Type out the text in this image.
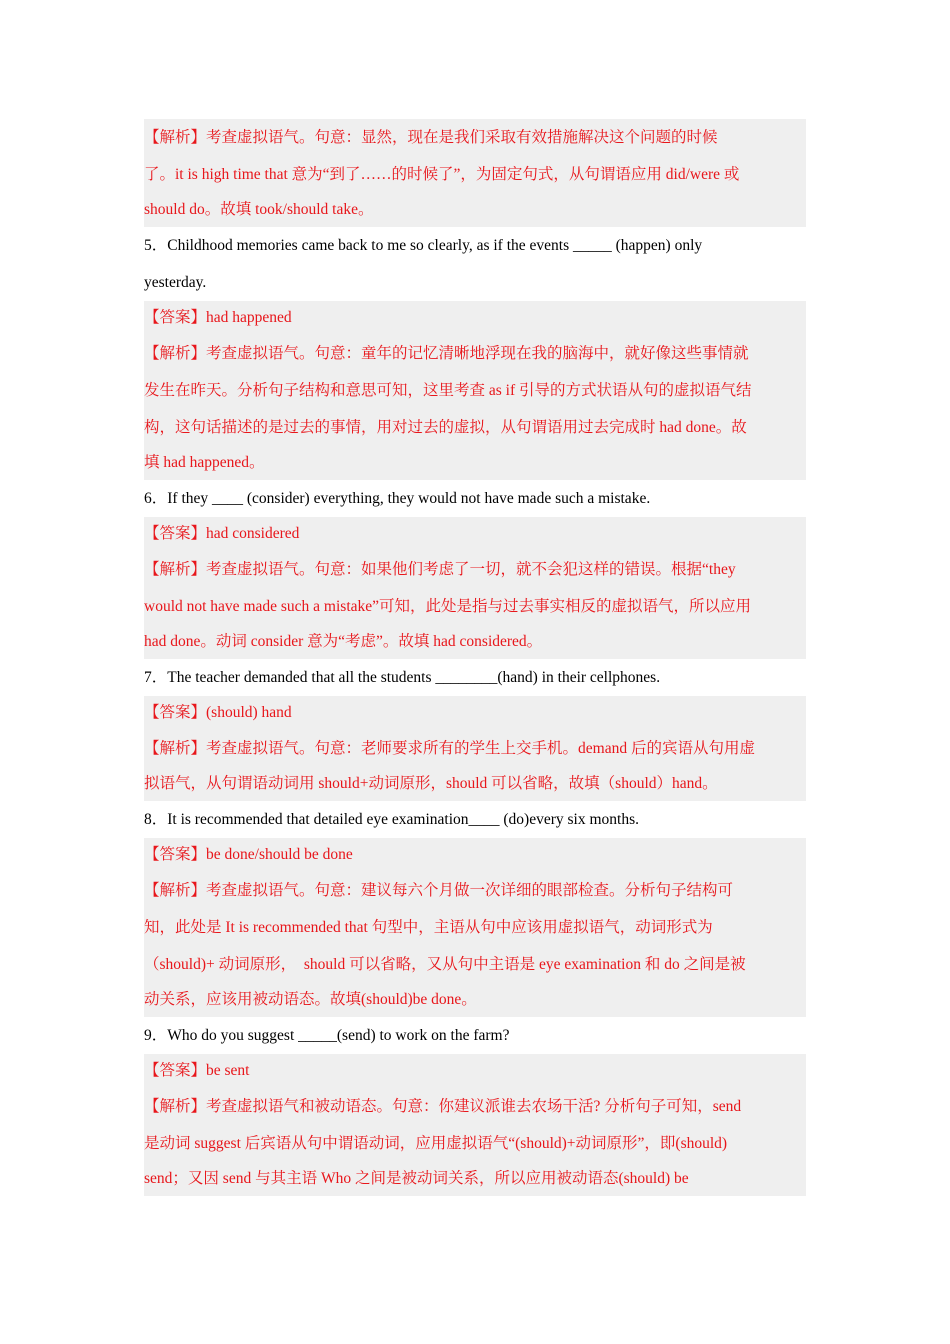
【解析】考查虚拟语气。句意：显然，现在是我们采取有效措施解决这个问题的时候
了。it is high time that 意为“到了……的时候了”，为固定句式，从句谓语应用 did/were 或
should do。故填 took/should take。
5．Childhood memories came back to me so clearly, as if the events _____ (happen) only
yesterday.
【答案】had happened
【解析】考查虚拟语气。句意：童年的记忆清晰地浮现在我的脑海中，就好像这些事情就
发生在昨天。分析句子结构和意思可知，这里考查 as if 引导的方式状语从句的虚拟语气结
构，这句话描述的是过去的事情，用对过去的虚拟，从句谓语用过去完成时 had done。故
填 had happened。
6．If they ____ (consider) everything, they would not have made such a mistake.
【答案】had considered
【解析】考查虚拟语气。句意：如果他们考虑了一切，就不会犯这样的错误。根据“they
would not have made such a mistake”可知，此处是指与过去事实相反的虚拟语气，所以应用
had done。动词 consider 意为“考虑”。故填 had considered。
7．The teacher demanded that all the students ________(hand) in their cellphones.
【答案】(should) hand
【解析】考查虚拟语气。句意：老师要求所有的学生上交手机。demand 后的宾语从句用虚
拟语气，从句谓语动词用 should+动词原形，should 可以省略，故填（should）hand。
8．It is recommended that detailed eye examination____ (do)every six months.
【答案】be done/should be done
【解析】考查虚拟语气。句意：建议每六个月做一次详细的眼部检查。分析句子结构可
知，此处是 It is recommended that 句型中，主语从句中应该用虚拟语气，动词形式为
（should)+ 动词原形，　should 可以省略，又从句中主语是 eye examination 和 do 之间是被
动关系，应该用被动语态。故填(should)be done。
9．Who do you suggest _____(send) to work on the farm?
【答案】be sent
【解析】考查虚拟语气和被动语态。句意：你建议派谁去农场干活? 分析句子可知，send
是动词 suggest 后宾语从句中谓语动词，应用虚拟语气“(should)+动词原形”，即(should)
send；又因 send 与其主语 Who 之间是被动词关系，所以应用被动语态(should) be
